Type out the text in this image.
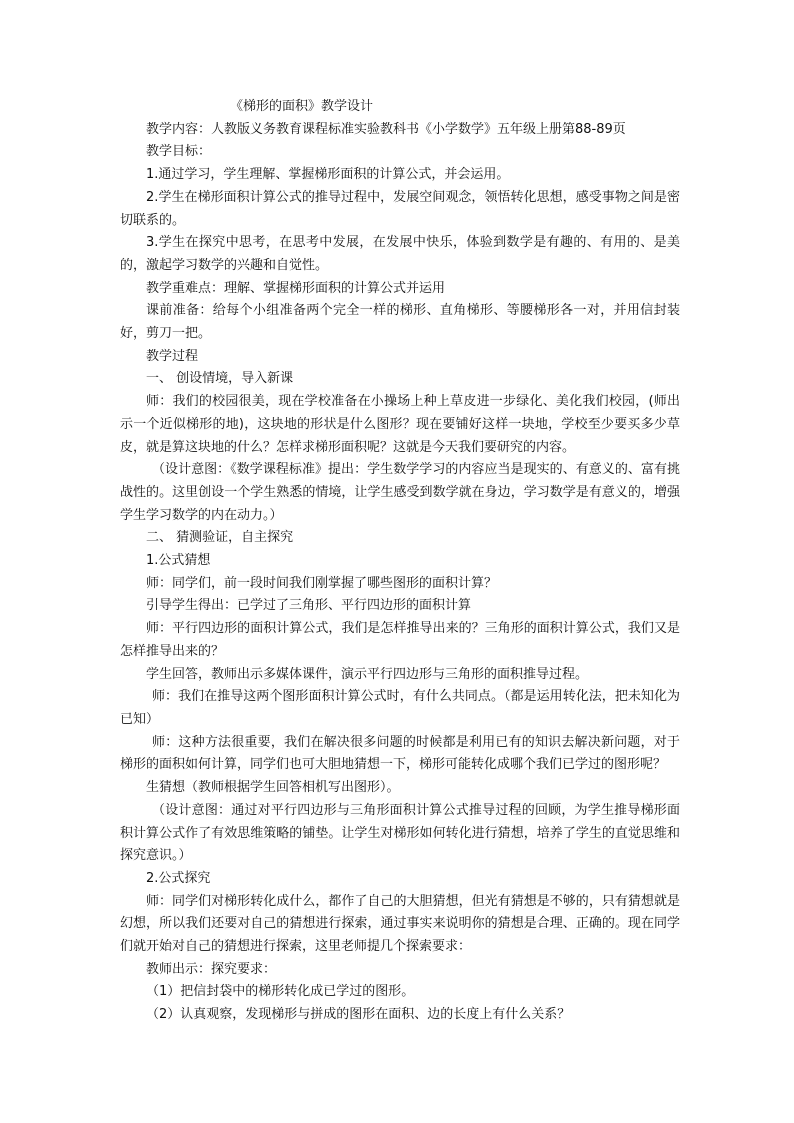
《梯形的面积》教学设计

教学内容：人教版义务教育课程标准实验教科书《小学数学》五年级上册第88-89页

教学目标：

1.通过学习，学生理解、掌握梯形面积的计算公式，并会运用。

2.学生在梯形面积计算公式的推导过程中，发展空间观念，领悟转化思想，感受事物之间是密切联系的。

3.学生在探究中思考，在思考中发展，在发展中快乐，体验到数学是有趣的、有用的、是美的，激起学习数学的兴趣和自觉性。

教学重难点：理解、掌握梯形面积的计算公式并运用

课前准备：给每个小组准备两个完全一样的梯形、直角梯形、等腰梯形各一对，并用信封装好，剪刀一把。

教学过程

一、 创设情境，导入新课

师：我们的校园很美，现在学校准备在小操场上种上草皮进一步绿化、美化我们校园，(师出示一个近似梯形的地)，这块地的形状是什么图形？现在要铺好这样一块地，学校至少要买多少草皮，就是算这块地的什么？怎样求梯形面积呢？这就是今天我们要研究的内容。

（设计意图：《数学课程标准》提出：学生数学学习的内容应当是现实的、有意义的、富有挑战性的。这里创设一个学生熟悉的情境，让学生感受到数学就在身边，学习数学是有意义的，增强学生学习数学的内在动力。）

二、 猜测验证，自主探究

1.公式猜想

师：同学们，前一段时间我们刚掌握了哪些图形的面积计算？

引导学生得出：已学过了三角形、平行四边形的面积计算

师：平行四边形的面积计算公式，我们是怎样推导出来的？三角形的面积计算公式，我们又是怎样推导出来的？

学生回答，教师出示多媒体课件，演示平行四边形与三角形的面积推导过程。

师：我们在推导这两个图形面积计算公式时，有什么共同点。（都是运用转化法，把未知化为已知）

师：这种方法很重要，我们在解决很多问题的时候都是利用已有的知识去解决新问题，对于梯形的面积如何计算，同学们也可大胆地猜想一下，梯形可能转化成哪个我们已学过的图形呢？

生猜想（教师根据学生回答相机写出图形）。

（设计意图：通过对平行四边形与三角形面积计算公式推导过程的回顾，为学生推导梯形面积计算公式作了有效思维策略的铺垫。让学生对梯形如何转化进行猜想，培养了学生的直觉思维和探究意识。）

2.公式探究

师：同学们对梯形转化成什么，都作了自己的大胆猜想，但光有猜想是不够的，只有猜想就是幻想，所以我们还要对自己的猜想进行探索，通过事实来说明你的猜想是合理、正确的。现在同学们就开始对自己的猜想进行探索，这里老师提几个探索要求：

教师出示：探究要求：

（1）把信封袋中的梯形转化成已学过的图形。

（2）认真观察，发现梯形与拼成的图形在面积、边的长度上有什么关系？
